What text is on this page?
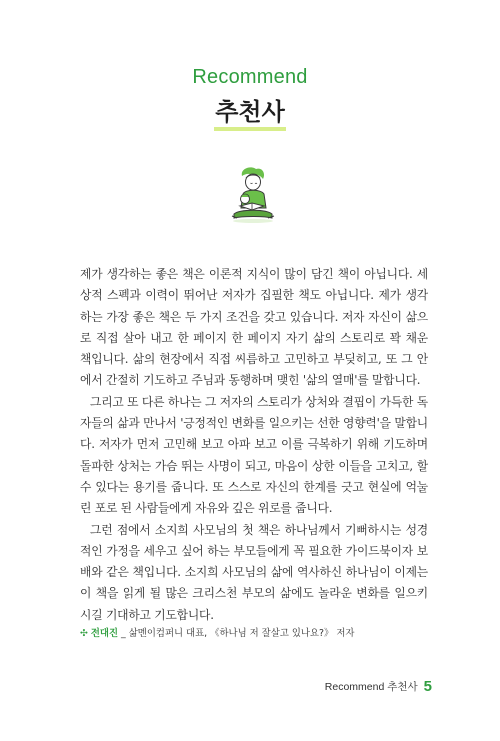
Recommend
추천사

제가 생각하는 좋은 책은 이론적 지식이 많이 담긴 책이 아닙니다. 세상적 스펙과 이력이 뛰어난 저자가 집필한 책도 아닙니다. 제가 생각하는 가장 좋은 책은 두 가지 조건을 갖고 있습니다. 저자 자신이 삶으로 직접 살아 내고 한 페이지 한 페이지 자기 삶의 스토리로 꽉 채운 책입니다. 삶의 현장에서 직접 씨름하고 고민하고 부딪히고, 또 그 안에서 간절히 기도하고 주님과 동행하며 맺힌 '삶의 열매'를 말합니다.

그리고 또 다른 하나는 그 저자의 스토리가 상처와 결핍이 가득한 독자들의 삶과 만나서 '긍정적인 변화를 일으키는 선한 영향력'을 말합니다. 저자가 먼저 고민해 보고 아파 보고 이를 극복하기 위해 기도하며 돌파한 상처는 가슴 뛰는 사명이 되고, 마음이 상한 이들을 고치고, 할 수 있다는 용기를 줍니다. 또 스스로 자신의 한계를 긋고 현실에 억눌린 포로 된 사람들에게 자유와 깊은 위로를 줍니다.

그런 점에서 소지희 사모님의 첫 책은 하나님께서 기뻐하시는 성경적인 가정을 세우고 싶어 하는 부모들에게 꼭 필요한 가이드북이자 보배와 같은 책입니다. 소지희 사모님의 삶에 역사하신 하나님이 이제는 이 책을 읽게 될 많은 크리스천 부모의 삶에도 놀라운 변화를 일으키시길 기대하고 기도합니다.

✣ 전대진 _ 삶멘이컴퍼니 대표, 《하나님 저 잘살고 있나요?》 저자
Recommend 추천사 5
